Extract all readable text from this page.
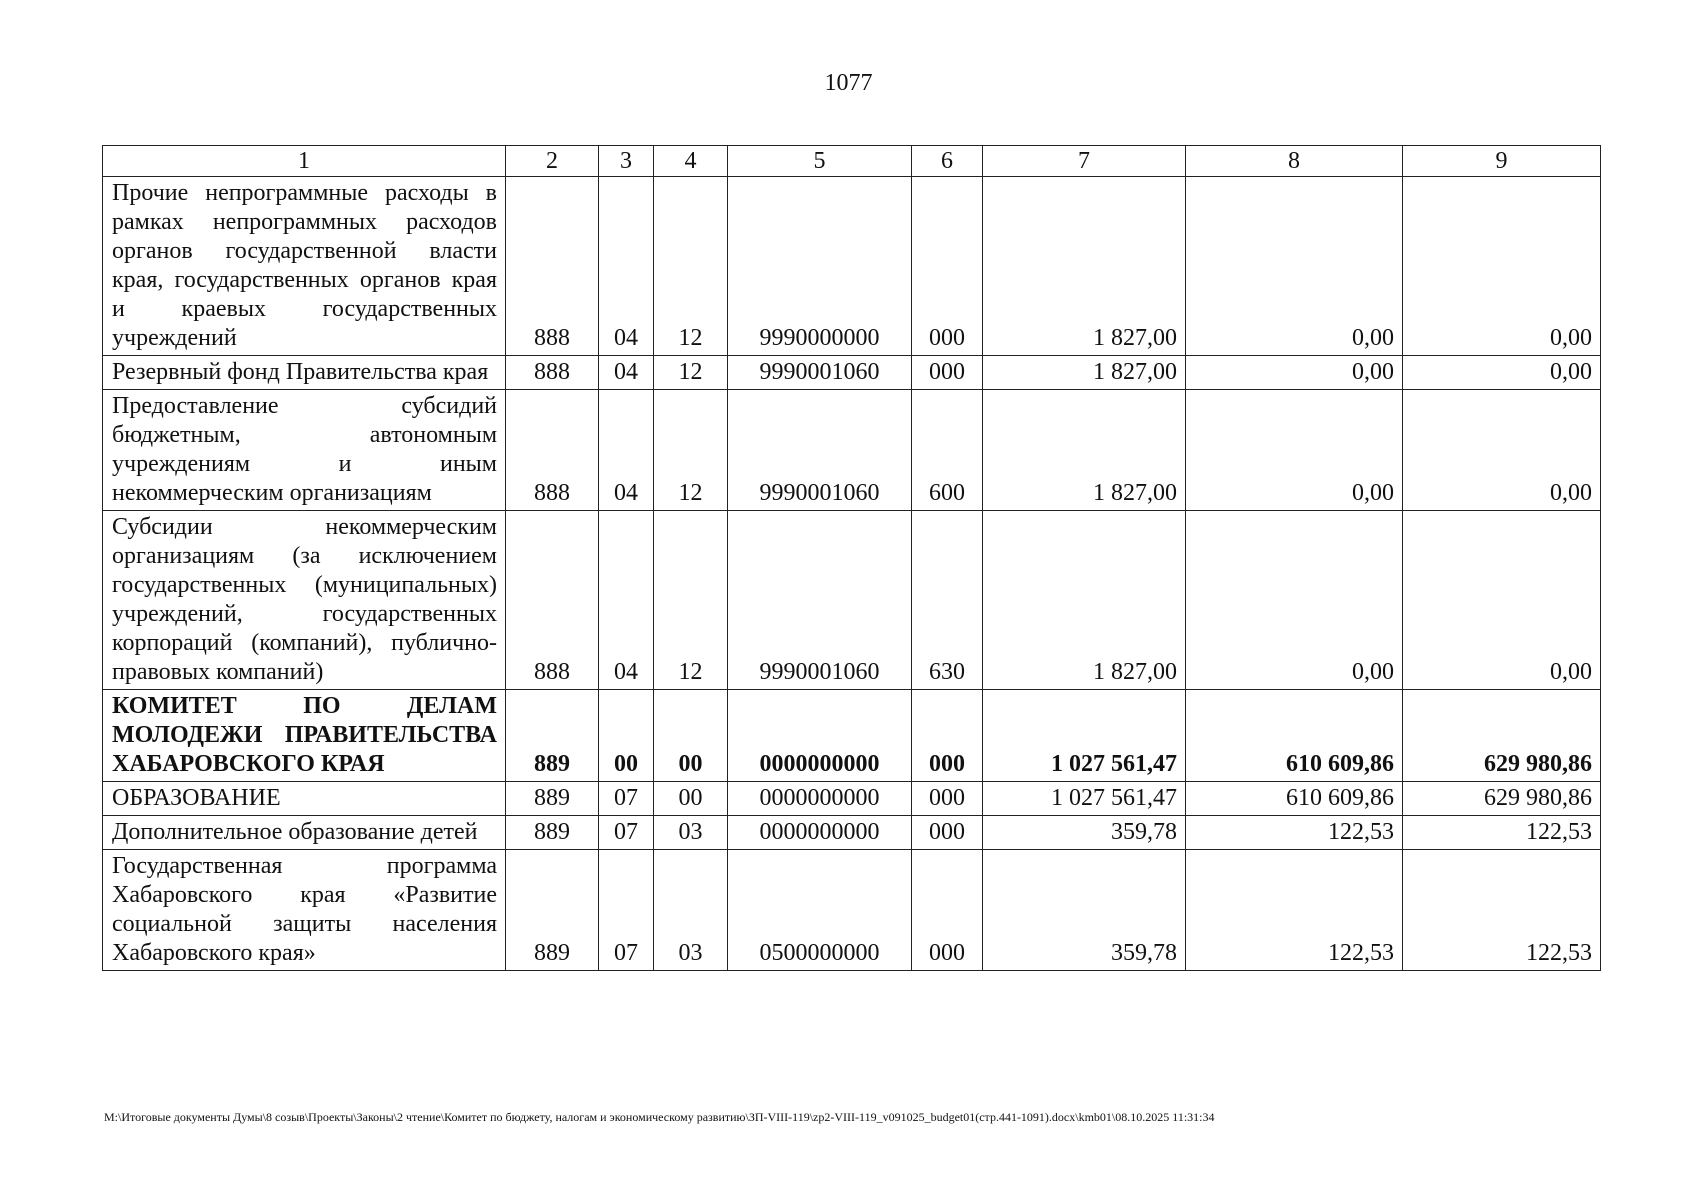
1077
1	2	3	4	5	6	7	8	9
Прочие непрограммные расходы в рамках непрограммных расходов органов государственной власти края, государственных органов края и краевых государственных учреждений	888	04	12	9990000000	000	1 827,00	0,00	0,00
Резервный фонд Правительства края	888	04	12	9990001060	000	1 827,00	0,00	0,00
Предоставление субсидий бюджетным, автономным учреждениям и иным некоммерческим организациям	888	04	12	9990001060	600	1 827,00	0,00	0,00
Субсидии некоммерческим организациям (за исключением государственных (муниципальных) учреждений, государственных корпораций (компаний), публично-правовых компаний)	888	04	12	9990001060	630	1 827,00	0,00	0,00
КОМИТЕТ ПО ДЕЛАМ МОЛОДЕЖИ ПРАВИТЕЛЬСТВА ХАБАРОВСКОГО КРАЯ	889	00	00	0000000000	000	1 027 561,47	610 609,86	629 980,86
ОБРАЗОВАНИЕ	889	07	00	0000000000	000	1 027 561,47	610 609,86	629 980,86
Дополнительное образование детей	889	07	03	0000000000	000	359,78	122,53	122,53
Государственная программа Хабаровского края «Развитие социальной защиты населения Хабаровского края»	889	07	03	0500000000	000	359,78	122,53	122,53
M:\Итоговые документы Думы\8 созыв\Проекты\Законы\2 чтение\Комитет по бюджету, налогам и экономическому развитию\ЗП-VIII-119\zp2-VIII-119_v091025_budget01(стр.441-1091).docx\kmb01\08.10.2025 11:31:34
